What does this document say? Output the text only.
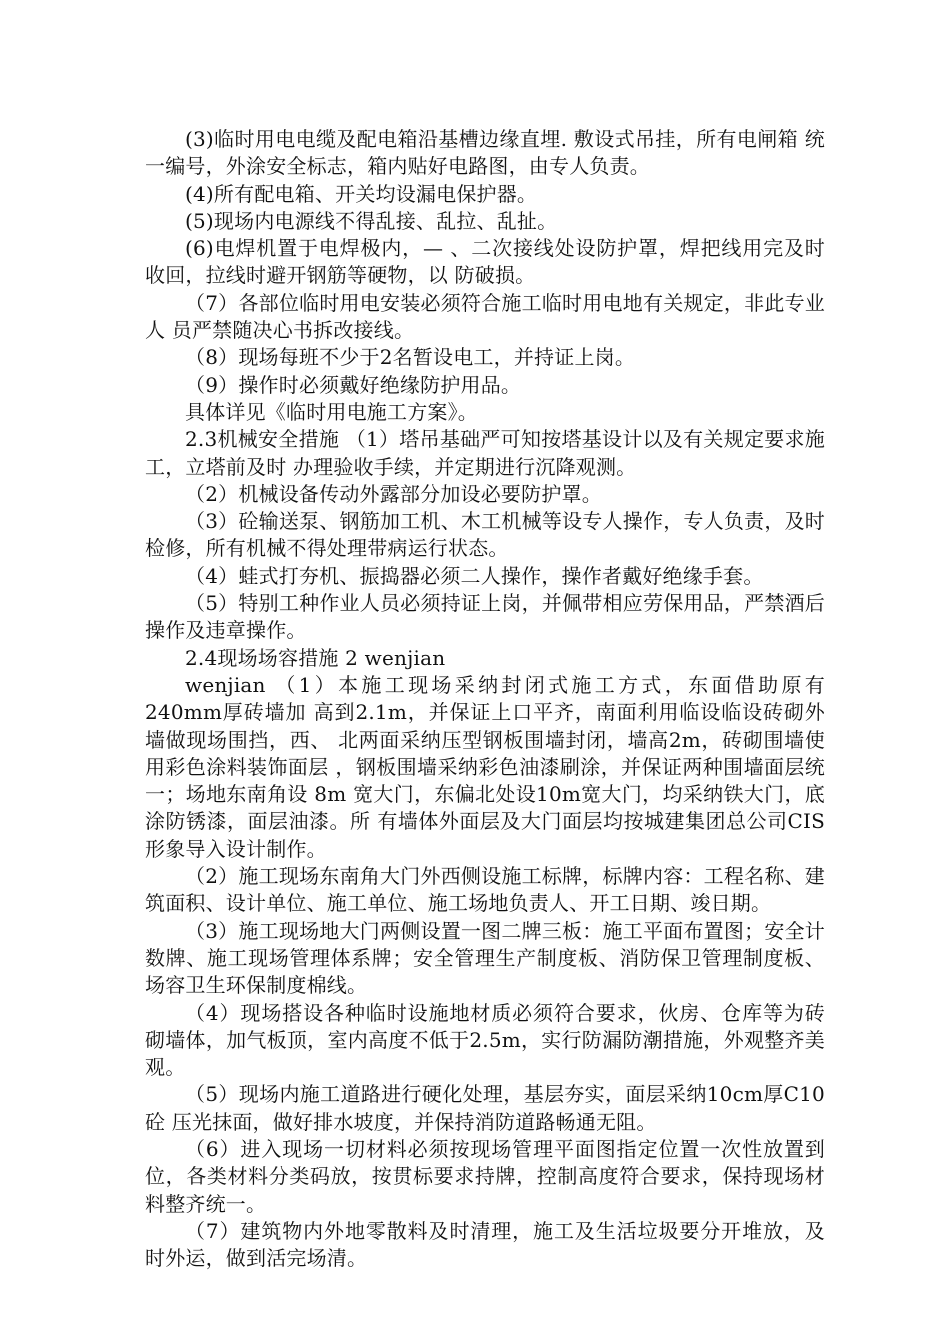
(3)临时用电电缆及配电箱沿基槽边缘直埋. 敷设式吊挂，所有电闸箱 统一编号，外涂安全标志，箱内贴好电路图，由专人负责。

(4)所有配电箱、开关均设漏电保护器。

(5)现场内电源线不得乱接、乱拉、乱扯。

(6)电焊机置于电焊极内，— 、二次接线处设防护罩，焊把线用完及时收回，拉线时避开钢筋等硬物，以 防破损。

（7）各部位临时用电安装必须符合施工临时用电地有关规定，非此专业人 员严禁随决心书拆改接线。

（8）现场每班不少于2名暂设电工，并持证上岗。

（9）操作时必须戴好绝缘防护用品。

具体详见《临时用电施工方案》。

2.3机械安全措施 （1）塔吊基础严可知按塔基设计以及有关规定要求施工，立塔前及时 办理验收手续，并定期进行沉降观测。

（2）机械设备传动外露部分加设必要防护罩。

（3）砼输送泵、钢筋加工机、木工机械等设专人操作，专人负责，及时 检修，所有机械不得处理带病运行状态。

（4）蛙式打夯机、振捣器必须二人操作，操作者戴好绝缘手套。

（5）特别工种作业人员必须持证上岗，并佩带相应劳保用品，严禁酒后 操作及违章操作。

2.4现场场容措施 2 wenjian

wenjian （1）本施工现场采纳封闭式施工方式，东面借助原有240mm厚砖墙加 高到2.1m，并保证上口平齐，南面利用临设临设砖砌外墙做现场围挡，西、 北两面采纳压型钢板围墙封闭，墙高2m，砖砌围墙使用彩色涂料装饰面层 ，钢板围墙采纳彩色油漆刷涂，并保证两种围墙面层统一；场地东南角设 8m 宽大门，东偏北处设10m宽大门，均采纳铁大门，底涂防锈漆，面层油漆。所 有墙体外面层及大门面层均按城建集团总公司CIS形象导入设计制作。

（2）施工现场东南角大门外西侧设施工标牌，标牌内容：工程名称、建 筑面积、设计单位、施工单位、施工场地负责人、开工日期、竣日期。

（3）施工现场地大门两侧设置一图二牌三板：施工平面布置图；安全计 数牌、施工现场管理体系牌；安全管理生产制度板、消防保卫管理制度板、 场容卫生环保制度棉线。

（4）现场搭设各种临时设施地材质必须符合要求，伙房、仓库等为砖 砌墙体，加气板顶，室内高度不低于2.5m，实行防漏防潮措施，外观整齐美 观。

（5）现场内施工道路进行硬化处理，基层夯实，面层采纳10cm厚C10砼 压光抹面，做好排水坡度，并保持消防道路畅通无阻。

（6）进入现场一切材料必须按现场管理平面图指定位置一次性放置到 位，各类材料分类码放，按贯标要求持牌，控制高度符合要求，保持现场材 料整齐统一。

（7）建筑物内外地零散料及时清理，施工及生活垃圾要分开堆放，及 时外运，做到活完场清。
